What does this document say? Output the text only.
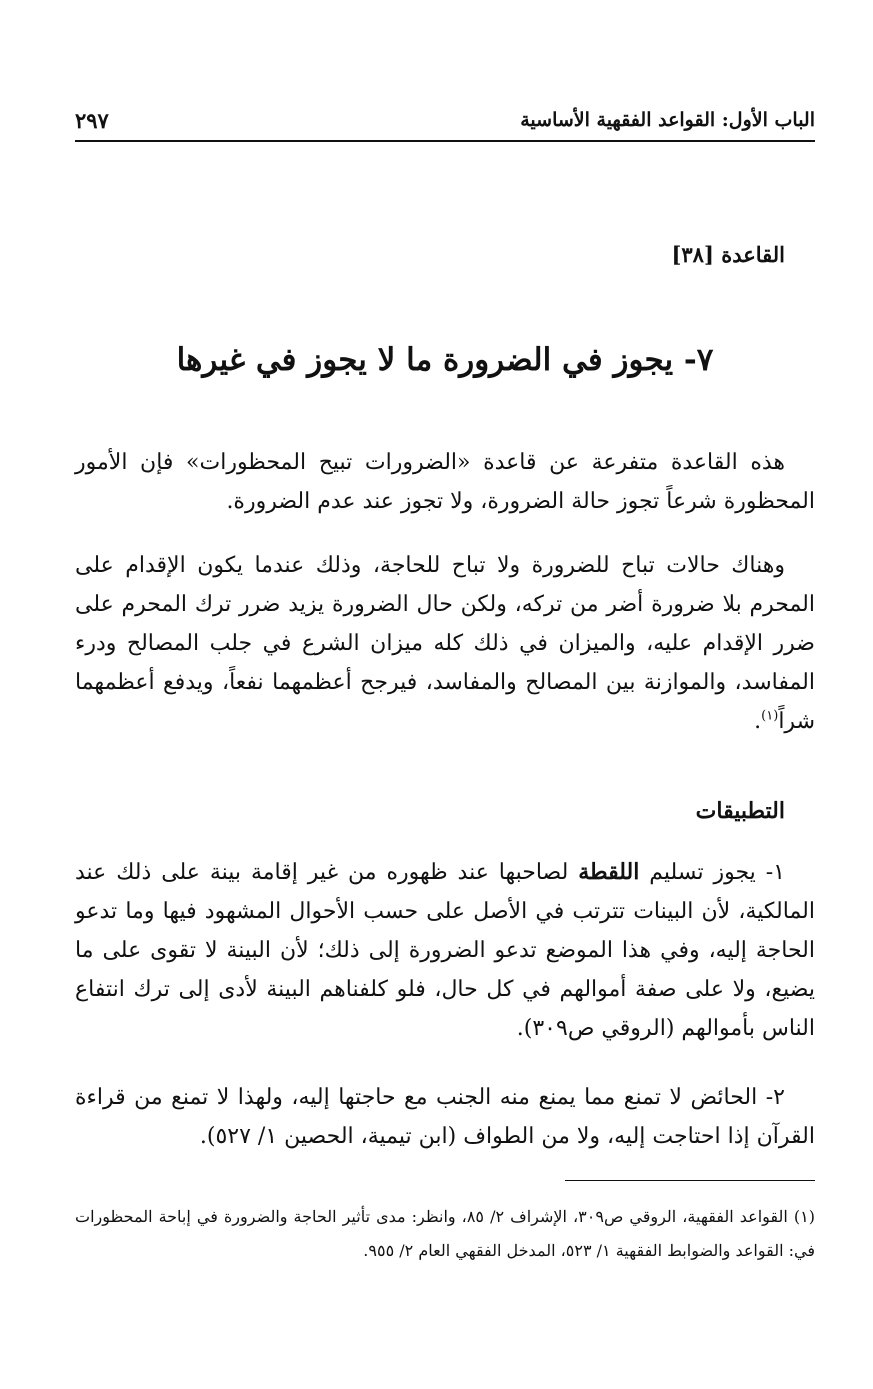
الباب الأول: القواعد الفقهية الأساسية
٢٩٧
القاعدة [٣٨]
٧- يجوز في الضرورة ما لا يجوز في غيرها

هذه القاعدة متفرعة عن قاعدة «الضرورات تبيح المحظورات» فإن الأمور المحظورة شرعاً تجوز حالة الضرورة، ولا تجوز عند عدم الضرورة.

وهناك حالات تباح للضرورة ولا تباح للحاجة، وذلك عندما يكون الإقدام على المحرم بلا ضرورة أضر من تركه، ولكن حال الضرورة يزيد ضرر ترك المحرم على ضرر الإقدام عليه، والميزان في ذلك كله ميزان الشرع في جلب المصالح ودرء المفاسد، والموازنة بين المصالح والمفاسد، فيرجح أعظمهما نفعاً، ويدفع أعظمهما شراً$^{(١)}$.

التطبيقات

١- يجوز تسليم اللقطة لصاحبها عند ظهوره من غير إقامة بينة على ذلك عند المالكية، لأن البينات تترتب في الأصل على حسب الأحوال المشهود فيها وما تدعو الحاجة إليه، وفي هذا الموضع تدعو الضرورة إلى ذلك؛ لأن البينة لا تقوى على ما يضيع، ولا على صفة أموالهم في كل حال، فلو كلفناهم البينة لأدى إلى ترك انتفاع الناس بأموالهم (الروقي ص٣٠٩).

٢- الحائض لا تمنع مما يمنع منه الجنب مع حاجتها إليه، ولهذا لا تمنع من قراءة القرآن إذا احتاجت إليه، ولا من الطواف (ابن تيمية، الحصين ١/ ٥٢٧).

(١) القواعد الفقهية، الروقي ص٣٠٩، الإشراف ٢/ ٨٥، وانظر: مدى تأثير الحاجة والضرورة في إباحة المحظورات في: القواعد والضوابط الفقهية ١/ ٥٢٣، المدخل الفقهي العام ٢/ ٩٥٥.
